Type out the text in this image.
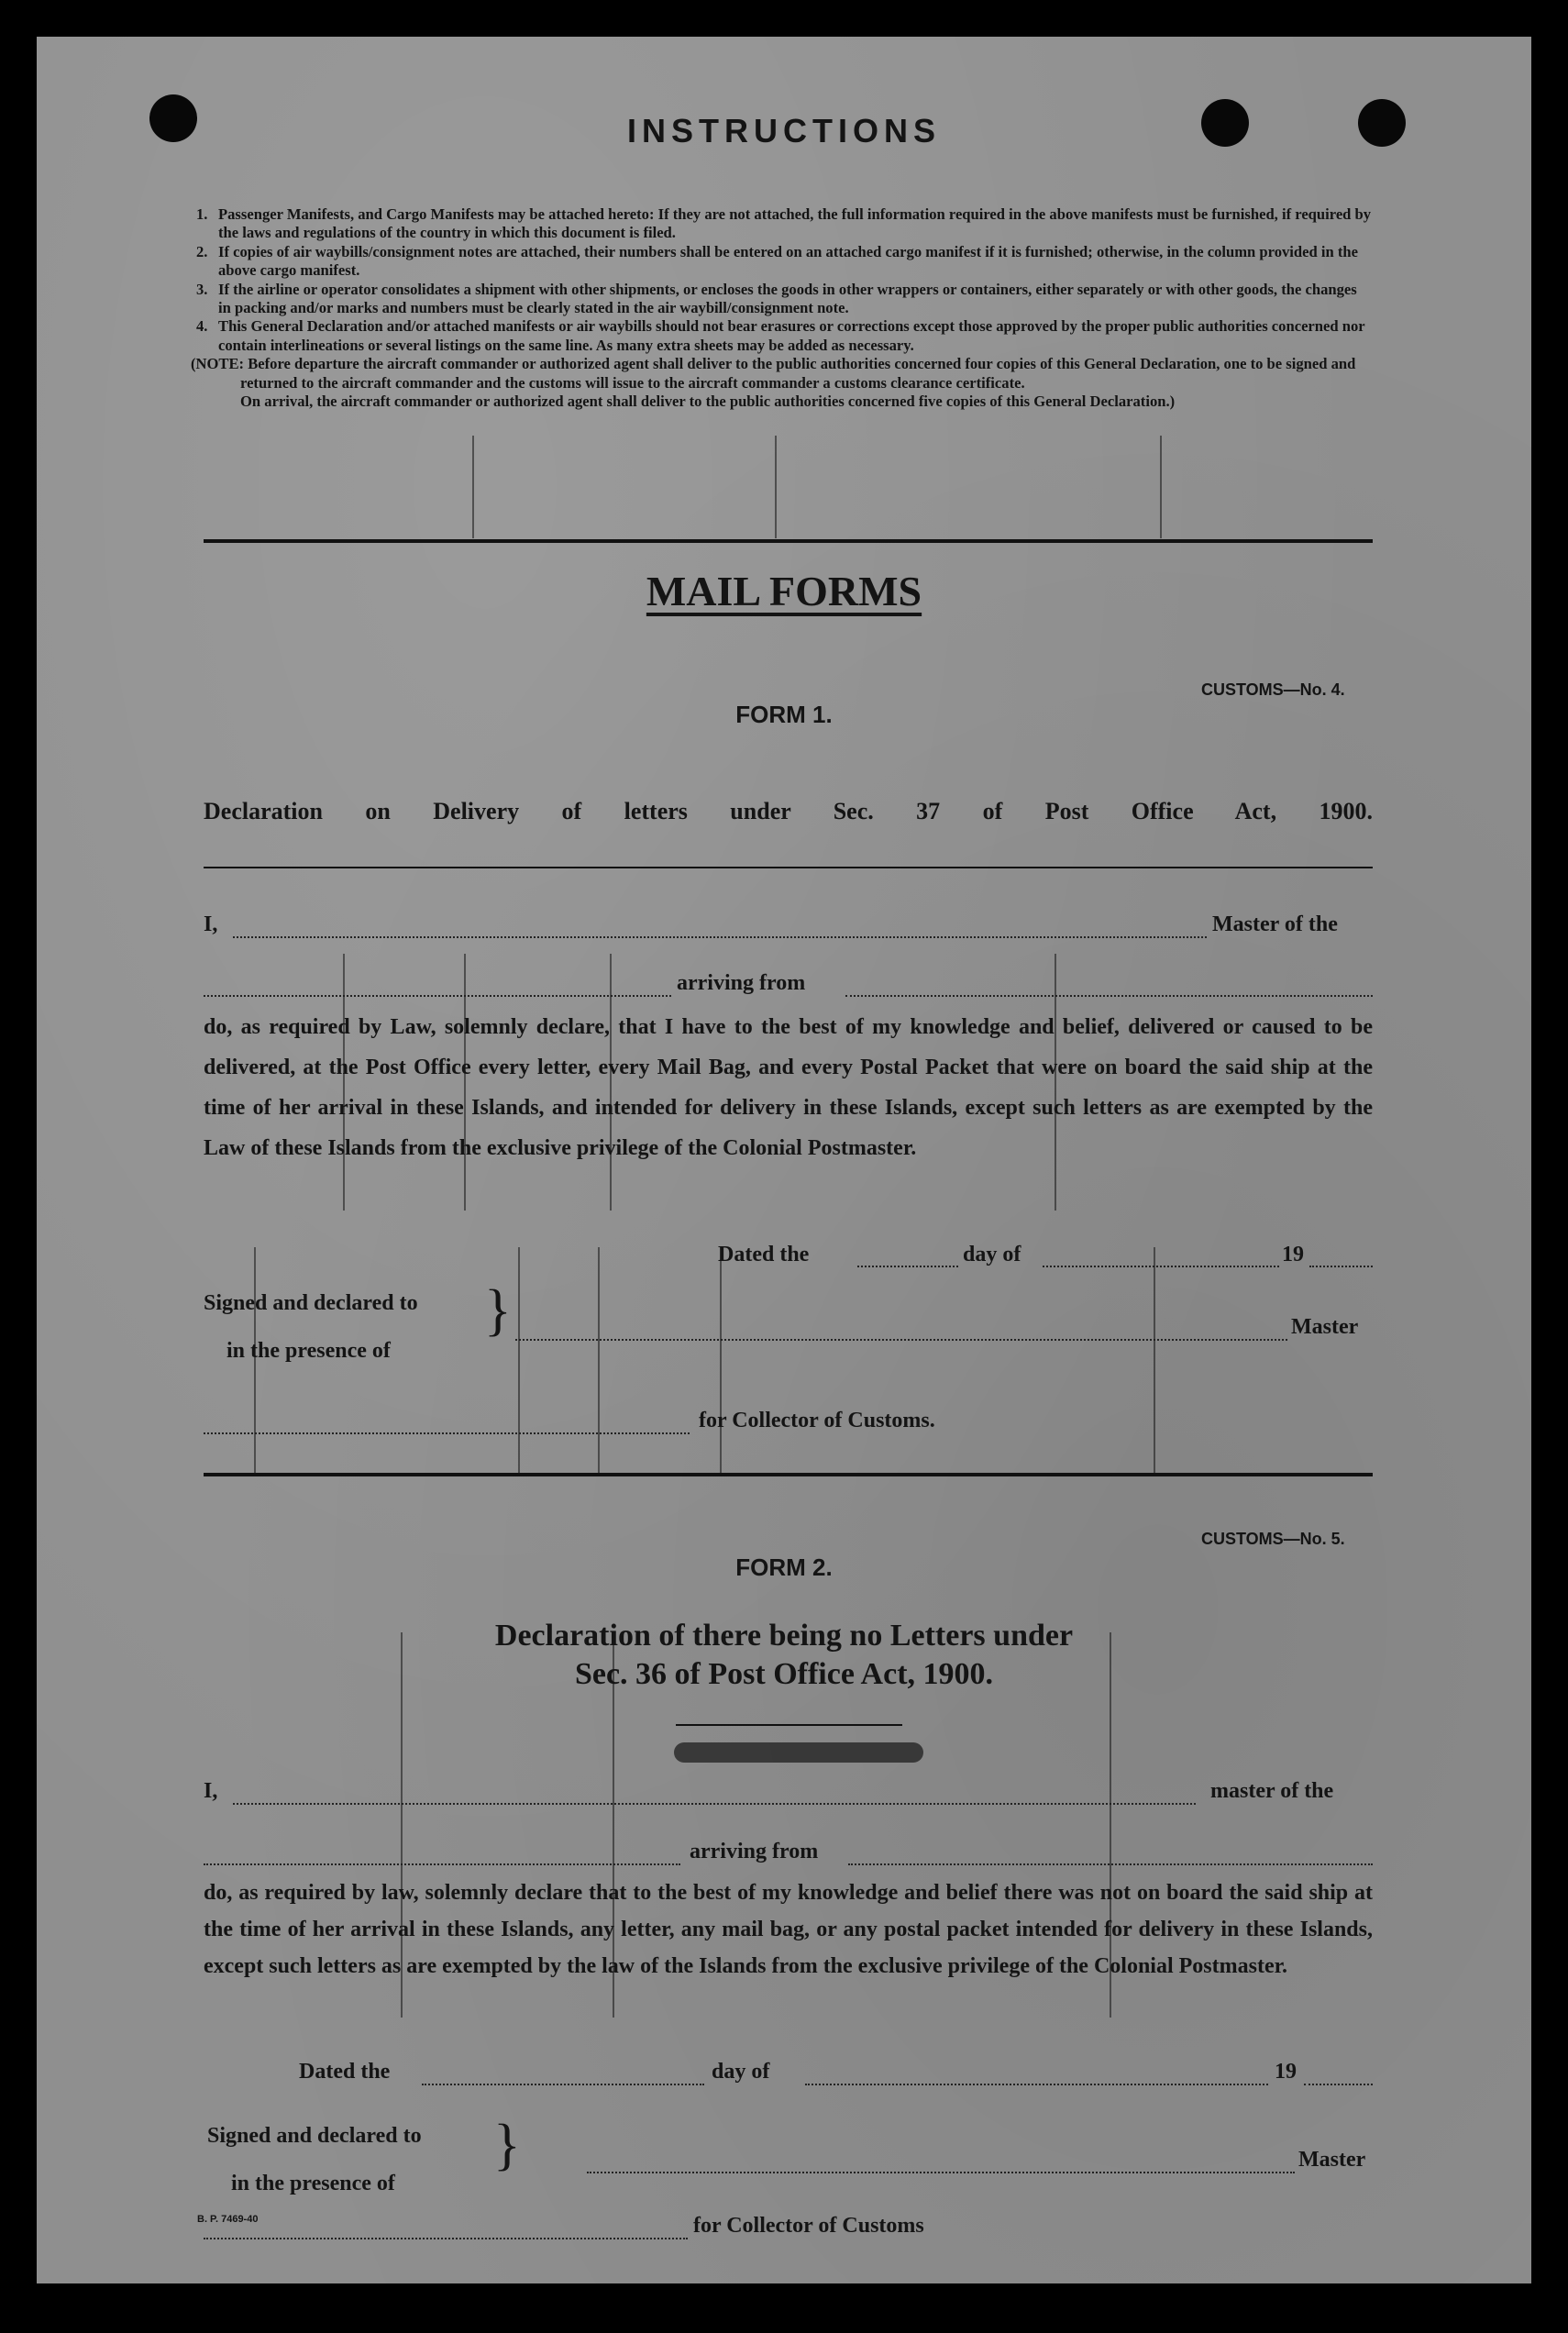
INSTRUCTIONS

1. Passenger Manifests, and Cargo Manifests may be attached hereto: If they are not attached, the full information required in the above manifests must be furnished, if required by the laws and regulations of the country in which this document is filed.

2. If copies of air waybills/consignment notes are attached, their numbers shall be entered on an attached cargo manifest if it is furnished; otherwise, in the column provided in the above cargo manifest.

3. If the airline or operator consolidates a shipment with other shipments, or encloses the goods in other wrappers or containers, either separately or with other goods, the changes in packing and/or marks and numbers must be clearly stated in the air waybill/consignment note.

4. This General Declaration and/or attached manifests or air waybills should not bear erasures or corrections except those approved by the proper public authorities concerned nor contain interlineations or several listings on the same line. As many extra sheets may be added as necessary.

(NOTE: Before departure the aircraft commander or authorized agent shall deliver to the public authorities concerned four copies of this General Declaration, one to be signed and returned to the aircraft commander and the customs will issue to the aircraft commander a customs clearance certificate.

On arrival, the aircraft commander or authorized agent shall deliver to the public authorities concerned five copies of this General Declaration.)

MAIL FORMS
CUSTOMS—No. 4.
FORM 1.
Declaration on Delivery of letters under Sec. 37 of Post Office Act, 1900.
I,	Master of the
arriving from

do, as required by Law, solemnly declare, that I have to the best of my knowledge and belief, delivered or caused to be delivered, at the Post Office every letter, every Mail Bag, and every Postal Packet that were on board the said ship at the time of her arrival in these Islands, and intended for delivery in these Islands, except such letters as are exempted by the Law of these Islands from the exclusive privilege of the Colonial Postmaster.

Dated the	day of	19
Signed and declared to
in the presence of
}	Master
for Collector of Customs.
CUSTOMS—No. 5.
FORM 2.
Declaration of there being no Letters under
Sec. 36 of Post Office Act, 1900.
I,	master of the
arriving from

do, as required by law, solemnly declare that to the best of my knowledge and belief there was not on board the said ship at the time of her arrival in these Islands, any letter, any mail bag, or any postal packet intended for delivery in these Islands, except such letters as are exempted by the law of the Islands from the exclusive privilege of the Colonial Postmaster.

Dated the	day of	19
Signed and declared to
in the presence of
}	Master
for Collector of Customs
B. P. 7469-40
